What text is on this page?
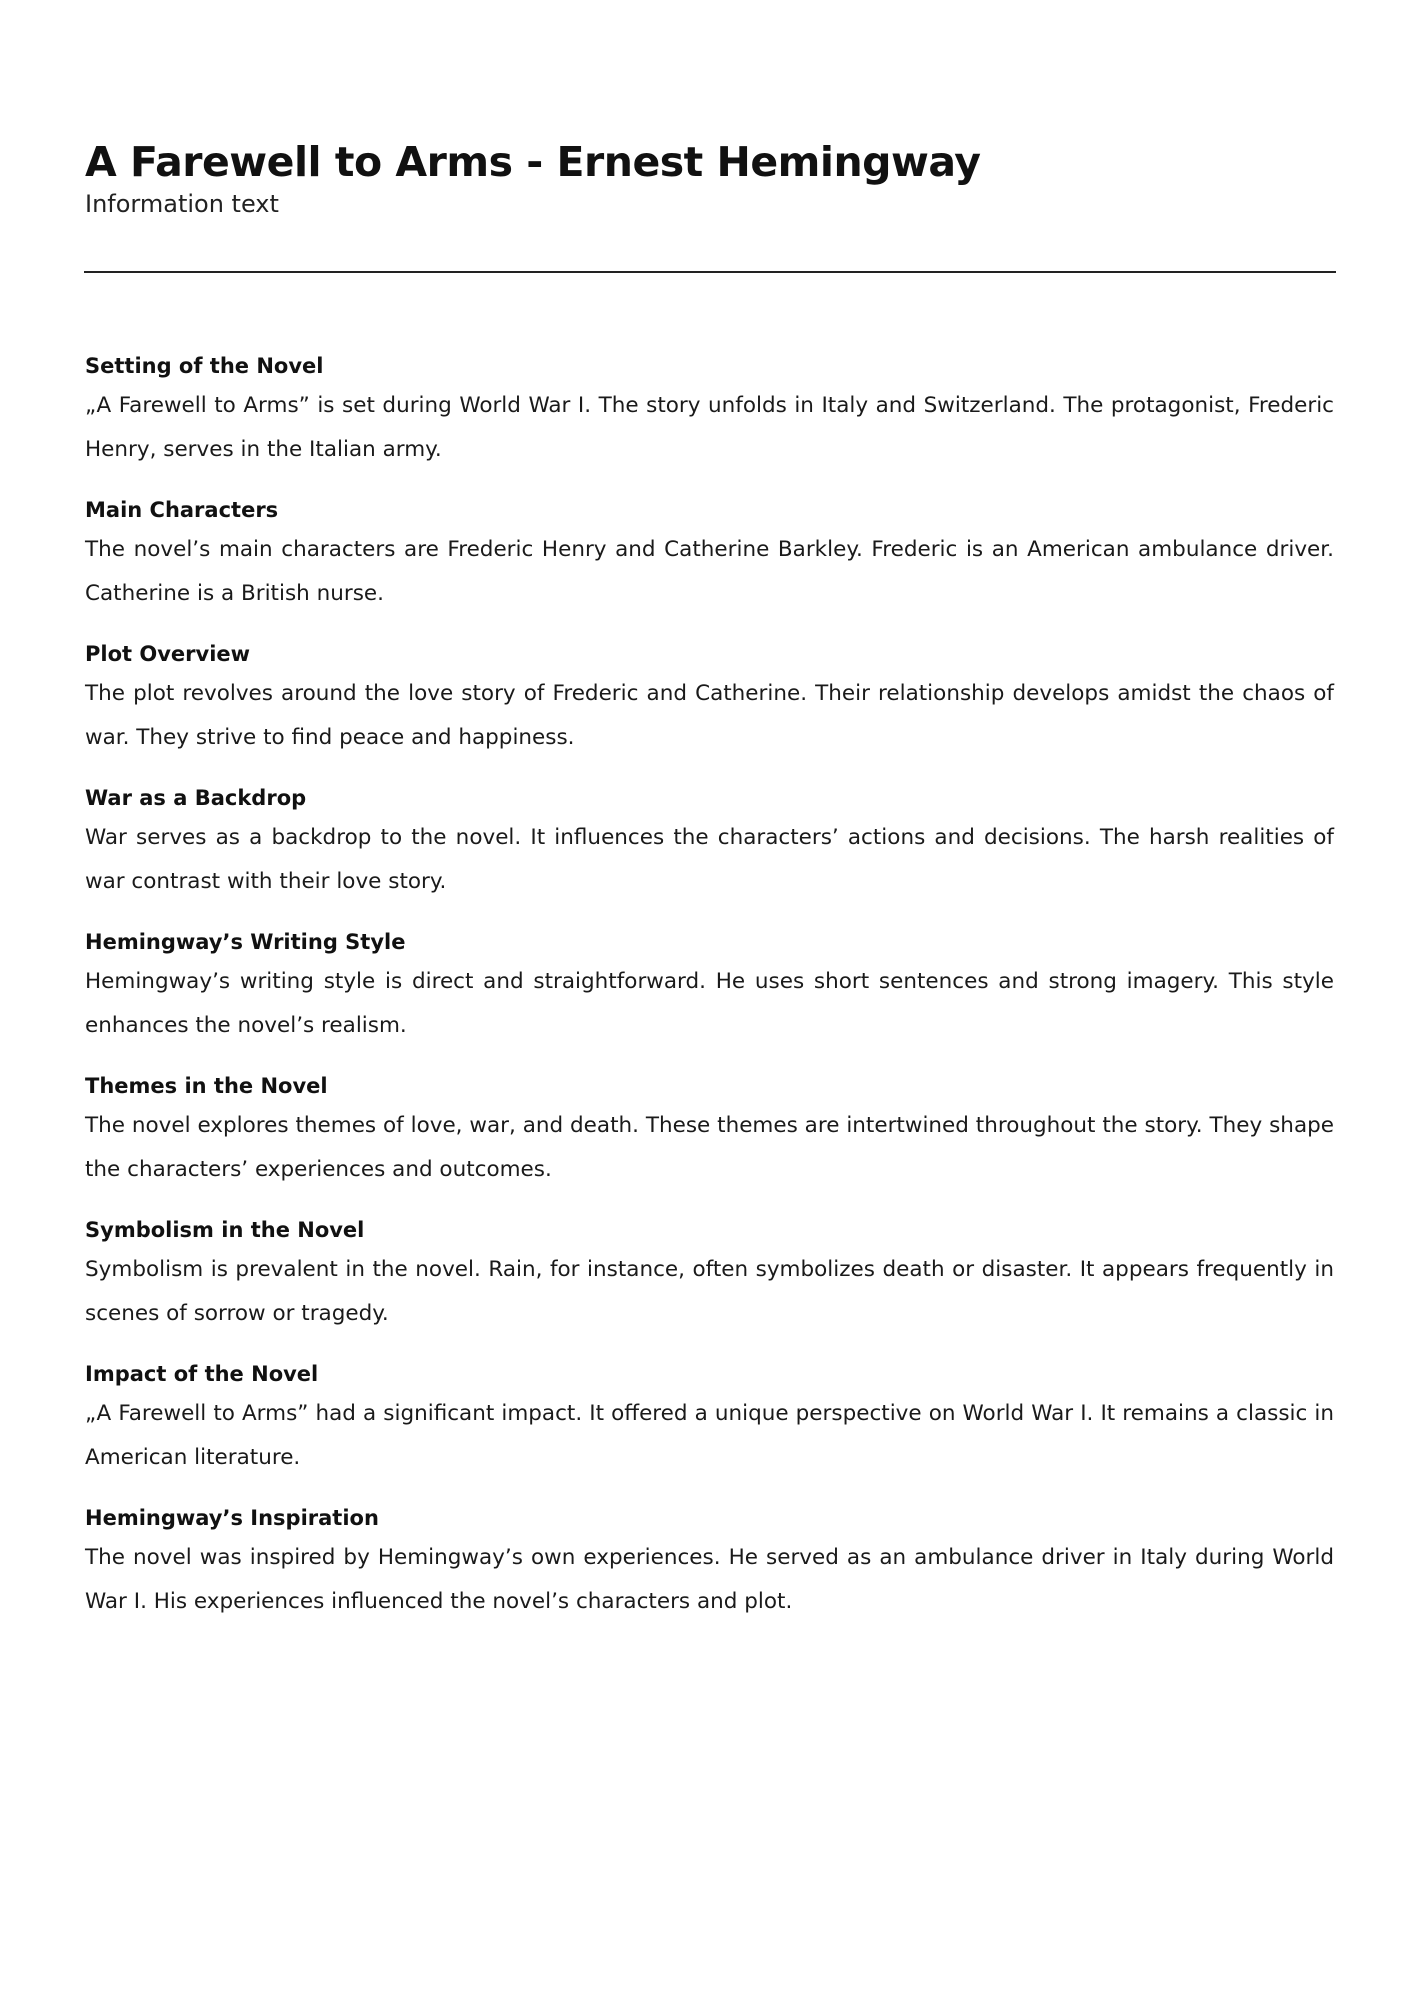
A Farewell to Arms - Ernest Hemingway

Information text

Setting of the Novel

„A Farewell to Arms” is set during World War I. The story unfolds in Italy and Switzerland. The protagonist, Frederic Henry, serves in the Italian army.

Main Characters

The novel’s main characters are Frederic Henry and Catherine Barkley. Frederic is an American ambulance driver. Catherine is a British nurse.

Plot Overview

The plot revolves around the love story of Frederic and Catherine. Their relationship develops amidst the chaos of war. They strive to find peace and happiness.

War as a Backdrop

War serves as a backdrop to the novel. It influences the characters’ actions and decisions. The harsh realities of war contrast with their love story.

Hemingway’s Writing Style

Hemingway’s writing style is direct and straightforward. He uses short sentences and strong imagery. This style enhances the novel’s realism.

Themes in the Novel

The novel explores themes of love, war, and death. These themes are intertwined throughout the story. They shape the characters’ experiences and outcomes.

Symbolism in the Novel

Symbolism is prevalent in the novel. Rain, for instance, often symbolizes death or disaster. It appears frequently in scenes of sorrow or tragedy.

Impact of the Novel

„A Farewell to Arms” had a significant impact. It offered a unique perspective on World War I. It remains a classic in American literature.

Hemingway’s Inspiration

The novel was inspired by Hemingway’s own experiences. He served as an ambulance driver in Italy during World War I. His experiences influenced the novel’s characters and plot.
